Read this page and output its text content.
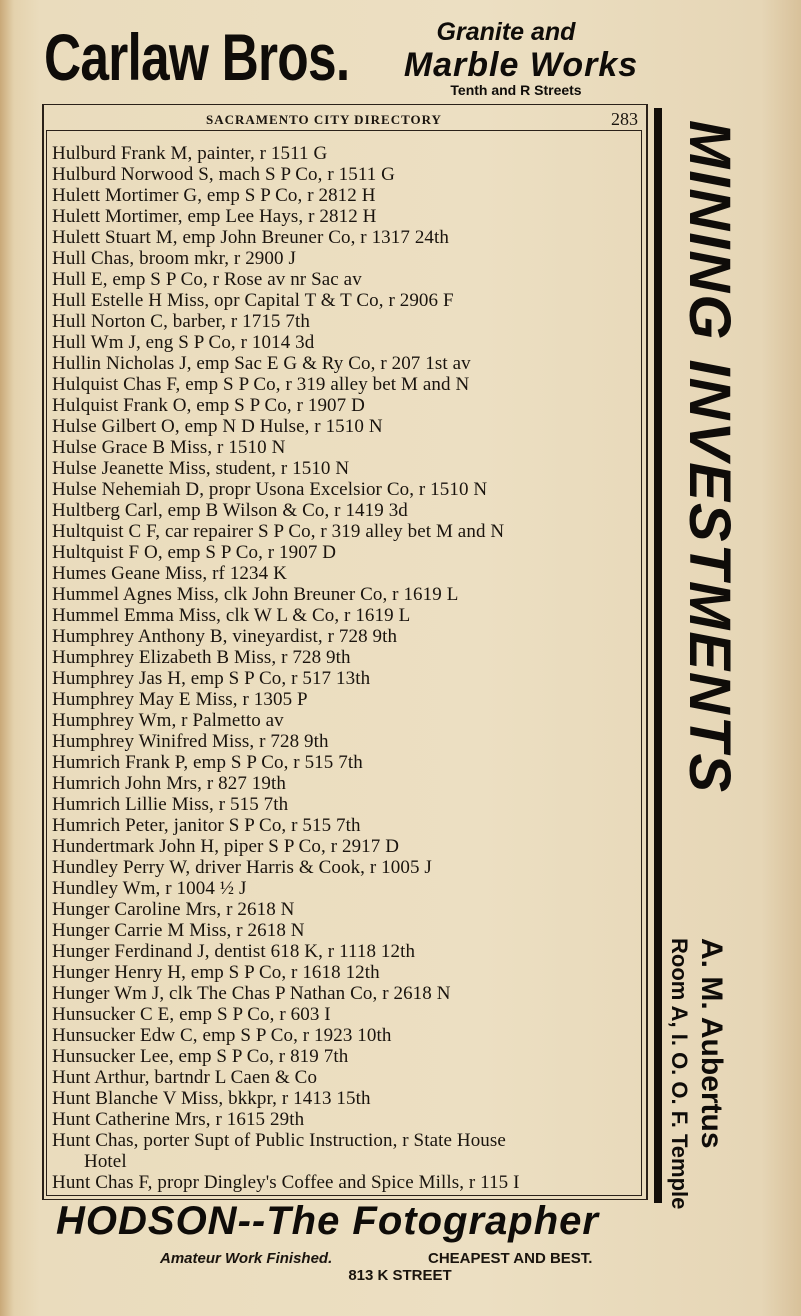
Carlaw Bros.	Granite and
Marble Works
Tenth and R Streets
SACRAMENTO CITY DIRECTORY	283
Hulburd Frank M, painter, r 1511 G
Hulburd Norwood S, mach S P Co, r 1511 G
Hulett Mortimer G, emp S P Co, r 2812 H
Hulett Mortimer, emp Lee Hays, r 2812 H
Hulett Stuart M, emp John Breuner Co, r 1317 24th
Hull Chas, broom mkr, r 2900 J
Hull E, emp S P Co, r Rose av nr Sac av
Hull Estelle H Miss, opr Capital T & T Co, r 2906 F
Hull Norton C, barber, r 1715 7th
Hull Wm J, eng S P Co, r 1014 3d
Hullin Nicholas J, emp Sac E G & Ry Co, r 207 1st av
Hulquist Chas F, emp S P Co, r 319 alley bet M and N
Hulquist Frank O, emp S P Co, r 1907 D
Hulse Gilbert O, emp N D Hulse, r 1510 N
Hulse Grace B Miss, r 1510 N
Hulse Jeanette Miss, student, r 1510 N
Hulse Nehemiah D, propr Usona Excelsior Co, r 1510 N
Hultberg Carl, emp B Wilson & Co, r 1419 3d
Hultquist C F, car repairer S P Co, r 319 alley bet M and N
Hultquist F O, emp S P Co, r 1907 D
Humes Geane Miss, rf 1234 K
Hummel Agnes Miss, clk John Breuner Co, r 1619 L
Hummel Emma Miss, clk W L & Co, r 1619 L
Humphrey Anthony B, vineyardist, r 728 9th
Humphrey Elizabeth B Miss, r 728 9th
Humphrey Jas H, emp S P Co, r 517 13th
Humphrey May E Miss, r 1305 P
Humphrey Wm, r Palmetto av
Humphrey Winifred Miss, r 728 9th
Humrich Frank P, emp S P Co, r 515 7th
Humrich John Mrs, r 827 19th
Humrich Lillie Miss, r 515 7th
Humrich Peter, janitor S P Co, r 515 7th
Hundertmark John H, piper S P Co, r 2917 D
Hundley Perry W, driver Harris & Cook, r 1005 J
Hundley Wm, r 1004 ½ J
Hunger Caroline Mrs, r 2618 N
Hunger Carrie M Miss, r 2618 N
Hunger Ferdinand J, dentist 618 K, r 1118 12th
Hunger Henry H, emp S P Co, r 1618 12th
Hunger Wm J, clk The Chas P Nathan Co, r 2618 N
Hunsucker C E, emp S P Co, r 603 I
Hunsucker Edw C, emp S P Co, r 1923 10th
Hunsucker Lee, emp S P Co, r 819 7th
Hunt Arthur, bartndr L Caen & Co
Hunt Blanche V Miss, bkkpr, r 1413 15th
Hunt Catherine Mrs, r 1615 29th
Hunt Chas, porter Supt of Public Instruction, r State House
Hotel
Hunt Chas F, propr Dingley's Coffee and Spice Mills, r 115 I
MINING INVESTMENTS
A. M. Aubertus
Room A, I. O. O. F. Temple
HODSON--The Fotographer
Amateur Work Finished.	CHEAPEST AND BEST.
813 K STREET
